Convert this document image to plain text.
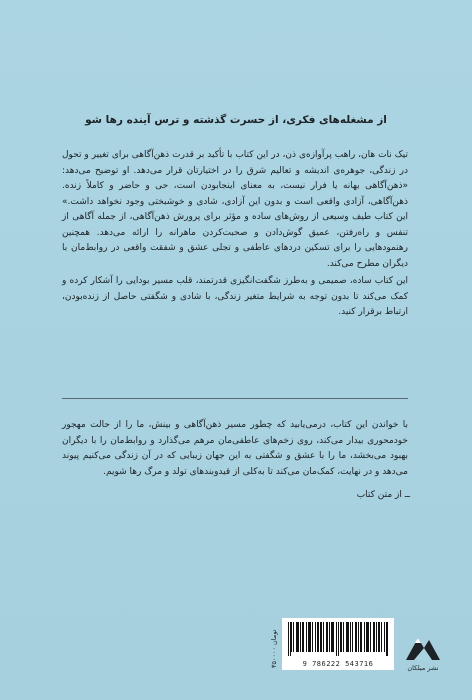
از مشغله‌های فکری، از حسرت گذشته و ترس آینده رها شو

تیک نات هان، راهب پرآوازه‌ی ذن، در این کتاب با تأکید بر قدرت ذهن‌آگاهی برای تغییر و تحول در زندگی، جوهره‌ی اندیشه و تعالیم شرق را در اختیارتان قرار می‌دهد. او توضیح می‌دهد: «ذهن‌آگاهی بهانه یا فرار نیست، به معنای اینجابودن است، حی و حاضر و کاملاً زنده. ذهن‌آگاهی، آزادی واقعی است و بدون این آزادی، شادی و خوشبختی وجود نخواهد داشت.» این کتاب طیف وسیعی از روش‌های ساده و مؤثر برای پرورش ذهن‌آگاهی، از جمله آگاهی از تنفس و راه‌رفتن، عمیق گوش‌دادن و صحبت‌کردن ماهرانه را ارائه می‌دهد. همچنین رهنمودهایی را برای تسکین دردهای عاطفی و تجلی عشق و شفقت واقعی در روابط‌مان با دیگران مطرح می‌کند.

این کتاب ساده، صمیمی و به‌طرز شگفت‌انگیزی قدرتمند، قلب مسیر بودایی را آشکار کرده و کمک می‌کند تا بدون توجه به شرایط متغیر زندگی، با شادی و شگفتی حاصل از زنده‌بودن، ارتباط برقرار کنید.

با خواندن این کتاب، درمی‌یابید که چطور مسیر ذهن‌آگاهی و بینش، ما را از حالت مهجور خودمحوری بیدار می‌کند، روی زخم‌های عاطفی‌مان مرهم می‌گذارد و روابط‌مان را با دیگران بهبود می‌بخشد، ما را با عشق و شگفتی به این جهان زیبایی که در آن زندگی می‌کنیم پیوند می‌دهد و در نهایت، کمک‌مان می‌کند تا به‌کلی از قیدوبندهای تولد و مرگ رها شویم.

ــ از متن کتاب
۳۵۰۰۰۰ تومان
9 786222 543716	نشر میلکان
